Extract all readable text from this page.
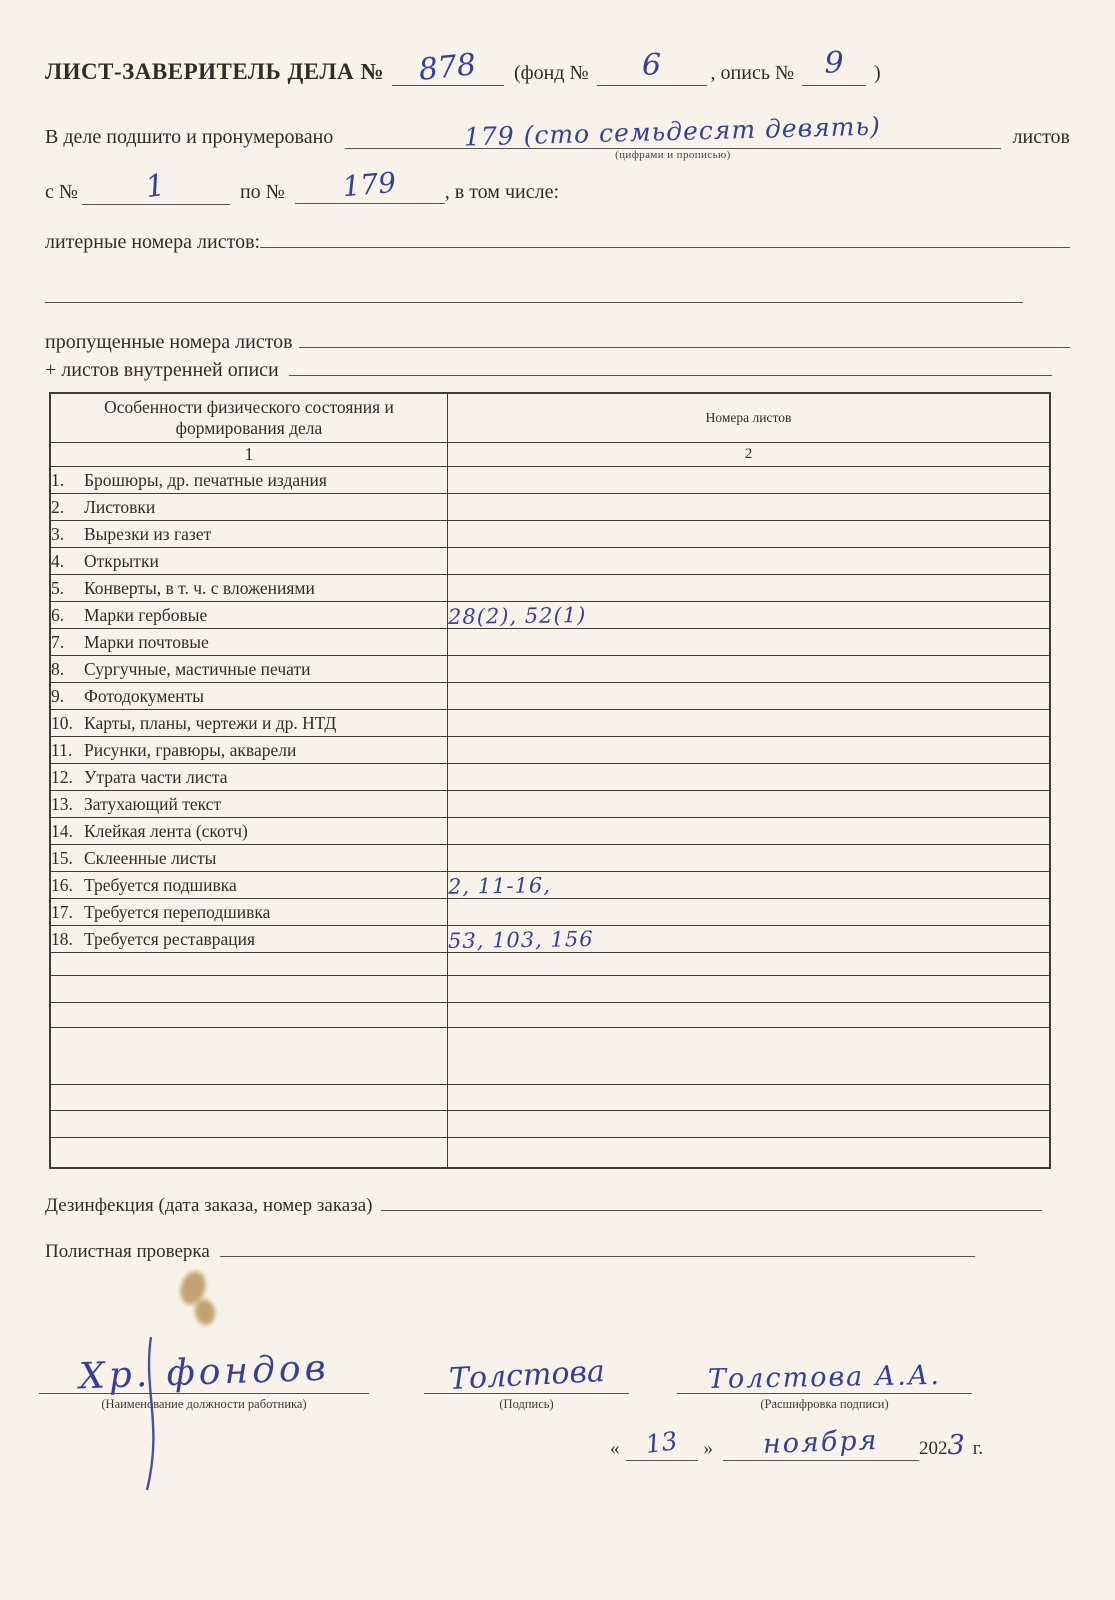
ЛИСТ-ЗАВЕРИТЕЛЬ ДЕЛА №	878	(фонд №	6	, опись №	9	)
В деле подшито и пронумеровано	179 (сто семьдесят девять)
(цифрами и прописью)
листов
с №	1	по №	179	, в том числе:
литерные номера листов:
пропущенные номера листов
+ листов внутренней описи
Особенности физического состояния и формирования дела	Номера листов
1	2
1. Брошюры, др. печатные издания	
2. Листовки	
3. Вырезки из газет	
4. Открытки	
5. Конверты, в т. ч. с вложениями	
6. Марки гербовые	28(2), 52(1)
7. Марки почтовые	
8. Сургучные, мастичные печати	
9. Фотодокументы	
10. Карты, планы, чертежи и др. НТД	
11. Рисунки, гравюры, акварели	
12. Утрата части листа	
13. Затухающий текст	
14. Клейкая лента (скотч)	
15. Склеенные листы	
16. Требуется подшивка	2, 11-16,
17. Требуется переподшивка	
18. Требуется реставрация	53, 103, 156

Дезинфекция (дата заказа, номер заказа)
Полистная проверка
Хр. фондов
(Наименование должности работника)
Толстова
(Подпись)
Толстова А.А.
(Расшифровка подписи)
« 13	»	ноября	202 3 г.
